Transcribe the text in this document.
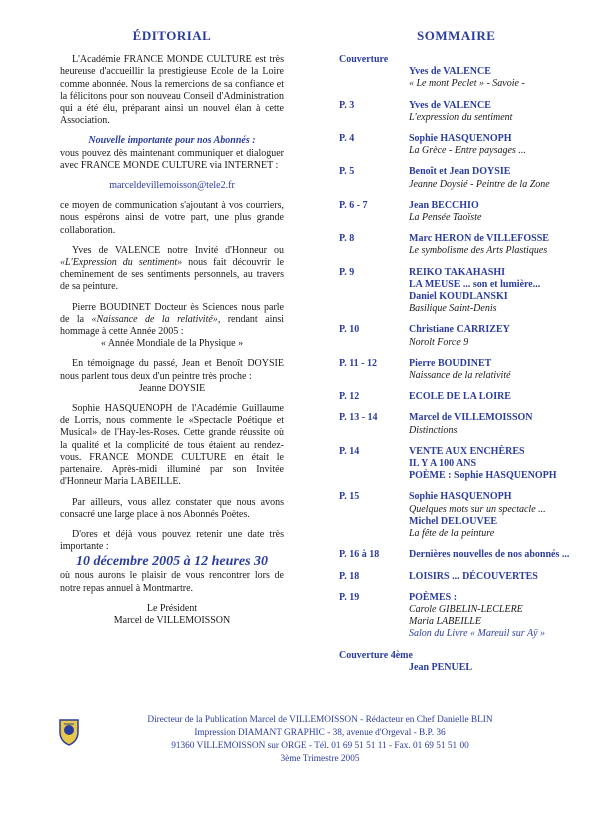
ÉDITORIAL

L'Académie FRANCE MONDE CULTURE est très heureuse d'accueillir la prestigieuse Ecole de la Loire comme abonnée. Nous la remercions de sa confiance et la félicitons pour son nouveau Conseil d'Administration qui a été élu, préparant ainsi un nouvel élan à cette Association.

Nouvelle importante pour nos Abonnés :

vous pouvez dès maintenant communiquer et dialoguer avec FRANCE MONDE CULTURE via INTERNET :

marceldevillemoisson@tele2.fr

ce moyen de communication s'ajoutant à vos courriers, nous espérons ainsi de votre part, une plus grande collaboration.

Yves de VALENCE notre Invité d'Honneur ou «L'Expression du sentiment» nous fait découvrir le cheminement de ses sentiments personnels, au travers de sa peinture.

Pierre BOUDINET Docteur ès Sciences nous parle de la «Naissance de la relativité», rendant ainsi hommage à cette Année 2005 :

« Année Mondiale de la Physique »

En témoignage du passé, Jean et Benoît DOYSIE nous parlent tous deux d'un peintre très proche :

Jeanne DOYSIE

Sophie HASQUENOPH de l'Académie Guillaume de Lorris, nous commente le «Spectacle Poétique et Musical» de l'Hay-les-Roses. Cette grande réussite où la qualité et la complicité de tous étaient au rendez-vous. FRANCE MONDE CULTURE en était le partenaire. Après-midi illuminé par son Invitée d'Honneur Maria LABEILLE.

Par ailleurs, vous allez constater que nous avons consacré une large place à nos Abonnés Poètes.

D'ores et déjà vous pouvez retenir une date très importante :

10 décembre 2005 à 12 heures 30

où nous aurons le plaisir de vous rencontrer lors de notre repas annuel à Montmartre.

Le Président

Marcel de VILLEMOISSON

SOMMAIRE
Couverture
Yves de VALENCE
« Le mont Peclet » - Savoie -
P. 3	Yves de VALENCE
L'expression du sentiment
P. 4	Sophie HASQUENOPH
La Grèce - Entre paysages ...
P. 5	Benoît et Jean DOYSIE
Jeanne Doysié - Peintre de la Zone
P. 6 - 7	Jean BECCHIO
La Pensée Taoïste
P. 8	Marc HERON de VILLEFOSSE
Le symbolisme des Arts Plastiques
P. 9	REIKO TAKAHASHI
LA MEUSE ... son et lumière...
Daniel KOUDLANSKI
Basilique Saint-Denis
P. 10	Christiane CARRIZEY
Norolt Force 9
P. 11 - 12	Pierre BOUDINET
Naissance de la relativité
P. 12	ECOLE DE LA LOIRE
P. 13 - 14	Marcel de VILLEMOISSON
Distinctions
P. 14	VENTE AUX ENCHÈRES
IL Y A 100 ANS
POÈME : Sophie HASQUENOPH
P. 15	Sophie HASQUENOPH
Quelques mots sur un spectacle ...
Michel DELOUVEE
La fête de la peinture
P. 16 à 18	Dernières nouvelles de nos abonnés ...
P. 18	LOISIRS ... DÉCOUVERTES
P. 19	POÈMES :
Carole GIBELIN-LECLERE
Maria LABEILLE
Salon du Livre « Mareuil sur Aÿ »
Couverture 4ème
Jean PENUEL
Directeur de la Publication Marcel de VILLEMOISSON - Rédacteur en Chef Danielle BLIN
Impression DIAMANT GRAPHIC - 38, avenue d'Orgeval - B.P. 36
91360 VILLEMOISSON sur ORGE - Tél. 01 69 51 51 11 - Fax. 01 69 51 51 00
3ème Trimestre 2005
